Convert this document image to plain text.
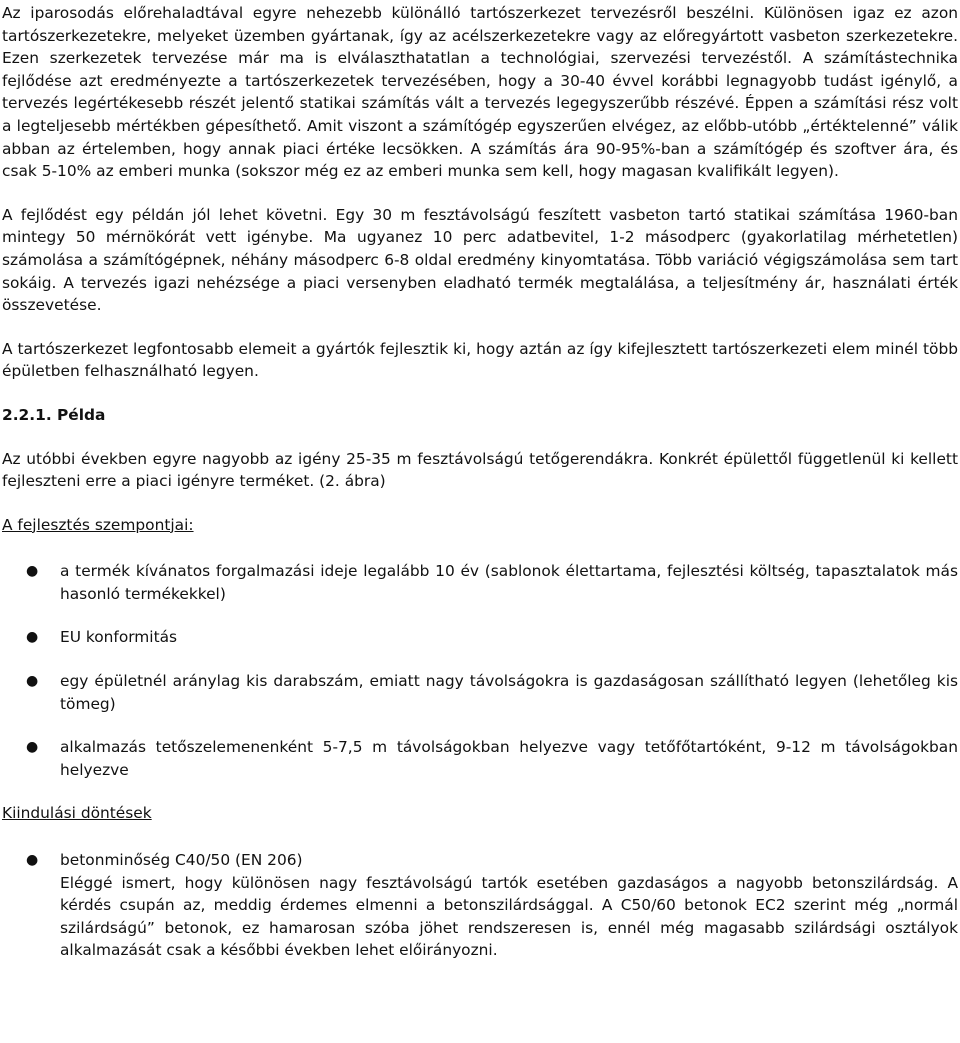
Az iparosodás előrehaladtával egyre nehezebb különálló tartószerkezet tervezésről beszélni. Különösen igaz ez azon tartószerkezetekre, melyeket üzemben gyártanak, így az acélszerkezetekre vagy az előregyártott vasbeton szerkezetekre. Ezen szerkezetek tervezése már ma is elválaszthatatlan a technológiai, szervezési tervezéstől. A számítástechnika fejlődése azt eredményezte a tartószerkezetek tervezésében, hogy a 30-40 évvel korábbi legnagyobb tudást igénylő, a tervezés legértékesebb részét jelentő statikai számítás vált a tervezés legegyszerűbb részévé. Éppen a számítási rész volt a legteljesebb mértékben gépesíthető. Amit viszont a számítógép egyszerűen elvégez, az előbb-utóbb „értéktelenné” válik abban az értelemben, hogy annak piaci értéke lecsökken. A számítás ára 90-95%-ban a számítógép és szoftver ára, és csak 5-10% az emberi munka (sokszor még ez az emberi munka sem kell, hogy magasan kvalifikált legyen).

A fejlődést egy példán jól lehet követni. Egy 30 m fesztávolságú feszített vasbeton tartó statikai számítása 1960-ban mintegy 50 mérnökórát vett igénybe. Ma ugyanez 10 perc adatbevitel, 1-2 másodperc (gyakorlatilag mérhetetlen) számolása a számítógépnek, néhány másodperc 6-8 oldal eredmény kinyomtatása. Több variáció végigszámolása sem tart sokáig. A tervezés igazi nehézsége a piaci versenyben eladható termék megtalálása, a teljesítmény ár, használati érték összevetése.

A tartószerkezet legfontosabb elemeit a gyártók fejlesztik ki, hogy aztán az így kifejlesztett tartószerkezeti elem minél több épületben felhasználható legyen.

2.2.1. Példa

Az utóbbi években egyre nagyobb az igény 25-35 m fesztávolságú tetőgerendákra. Konkrét épülettől függetlenül ki kellett fejleszteni erre a piaci igényre terméket. (2. ábra)

A fejlesztés szempontjai:

● a termék kívánatos forgalmazási ideje legalább 10 év (sablonok élettartama, fejlesztési költség, tapasztalatok más hasonló termékekkel)
● EU konformitás
● egy épületnél aránylag kis darabszám, emiatt nagy távolságokra is gazdaságosan szállítható legyen (lehetőleg kis tömeg)
● alkalmazás tetőszelemenenként 5-7,5 m távolságokban helyezve vagy tetőfőtartóként, 9-12 m távolságokban helyezve

Kiindulási döntések

● betonminőség C40/50 (EN 206)
Eléggé ismert, hogy különösen nagy fesztávolságú tartók esetében gazdaságos a nagyobb betonszilárdság. A kérdés csupán az, meddig érdemes elmenni a betonszilárdsággal. A C50/60 betonok EC2 szerint még „normál szilárdságú” betonok, ez hamarosan szóba jöhet rendszeresen is, ennél még magasabb szilárdsági osztályok alkalmazását csak a későbbi években lehet előirányozni.
